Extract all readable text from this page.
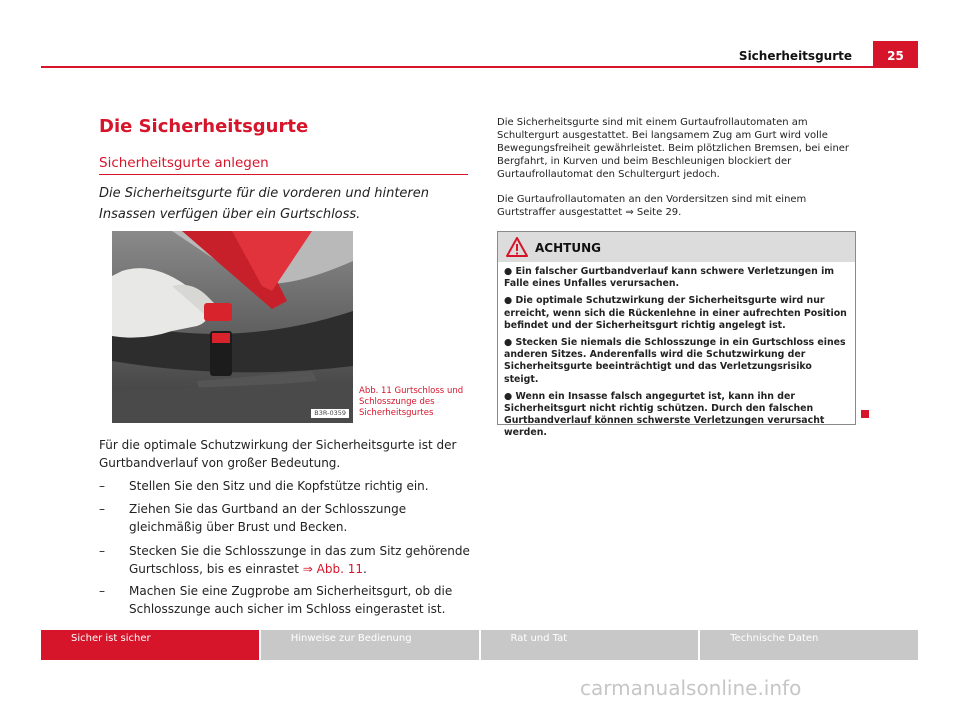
Sicherheitsgurte	25
Die Sicherheitsgurte
Sicherheitsgurte anlegen
Die Sicherheitsgurte für die vorderen und hinteren Insassen verfügen über ein Gurtschloss.
B3R-0359
Abb. 11 Gurtschloss und Schlosszunge des Sicherheitsgurtes
Für die optimale Schutzwirkung der Sicherheitsgurte ist der Gurtbandverlauf von großer Bedeutung.
– Stellen Sie den Sitz und die Kopfstütze richtig ein.
– Ziehen Sie das Gurtband an der Schlosszunge gleichmäßig über Brust und Becken.
– Stecken Sie die Schlosszunge in das zum Sitz gehörende Gurtschloss, bis es einrastet ⇒ Abb. 11.
– Machen Sie eine Zugprobe am Sicherheitsgurt, ob die Schlosszunge auch sicher im Schloss eingerastet ist.
Die Sicherheitsgurte sind mit einem Gurtaufrollautomaten am Schultergurt ausgestattet. Bei langsamem Zug am Gurt wird volle Bewegungsfreiheit gewährleistet. Beim plötzlichen Bremsen, bei einer Bergfahrt, in Kurven und beim Beschleunigen blockiert der Gurtaufrollautomat den Schultergurt jedoch.
Die Gurtaufrollautomaten an den Vordersitzen sind mit einem Gurtstraffer ausgestattet ⇒ Seite 29.
ACHTUNG

● Ein falscher Gurtbandverlauf kann schwere Verletzungen im Falle eines Unfalles verursachen.

● Die optimale Schutzwirkung der Sicherheitsgurte wird nur erreicht, wenn sich die Rückenlehne in einer aufrechten Position befindet und der Sicherheitsgurt richtig angelegt ist.

● Stecken Sie niemals die Schlosszunge in ein Gurtschloss eines anderen Sitzes. Anderenfalls wird die Schutzwirkung der Sicherheitsgurte beeinträchtigt und das Verletzungsrisiko steigt.

● Wenn ein Insasse falsch angegurtet ist, kann ihn der Sicherheitsgurt nicht richtig schützen. Durch den falschen Gurtbandverlauf können schwerste Verletzungen verursacht werden.

Sicher ist sicher	Hinweise zur Bedienung	Rat und Tat	Technische Daten
carmanualsonline.info
